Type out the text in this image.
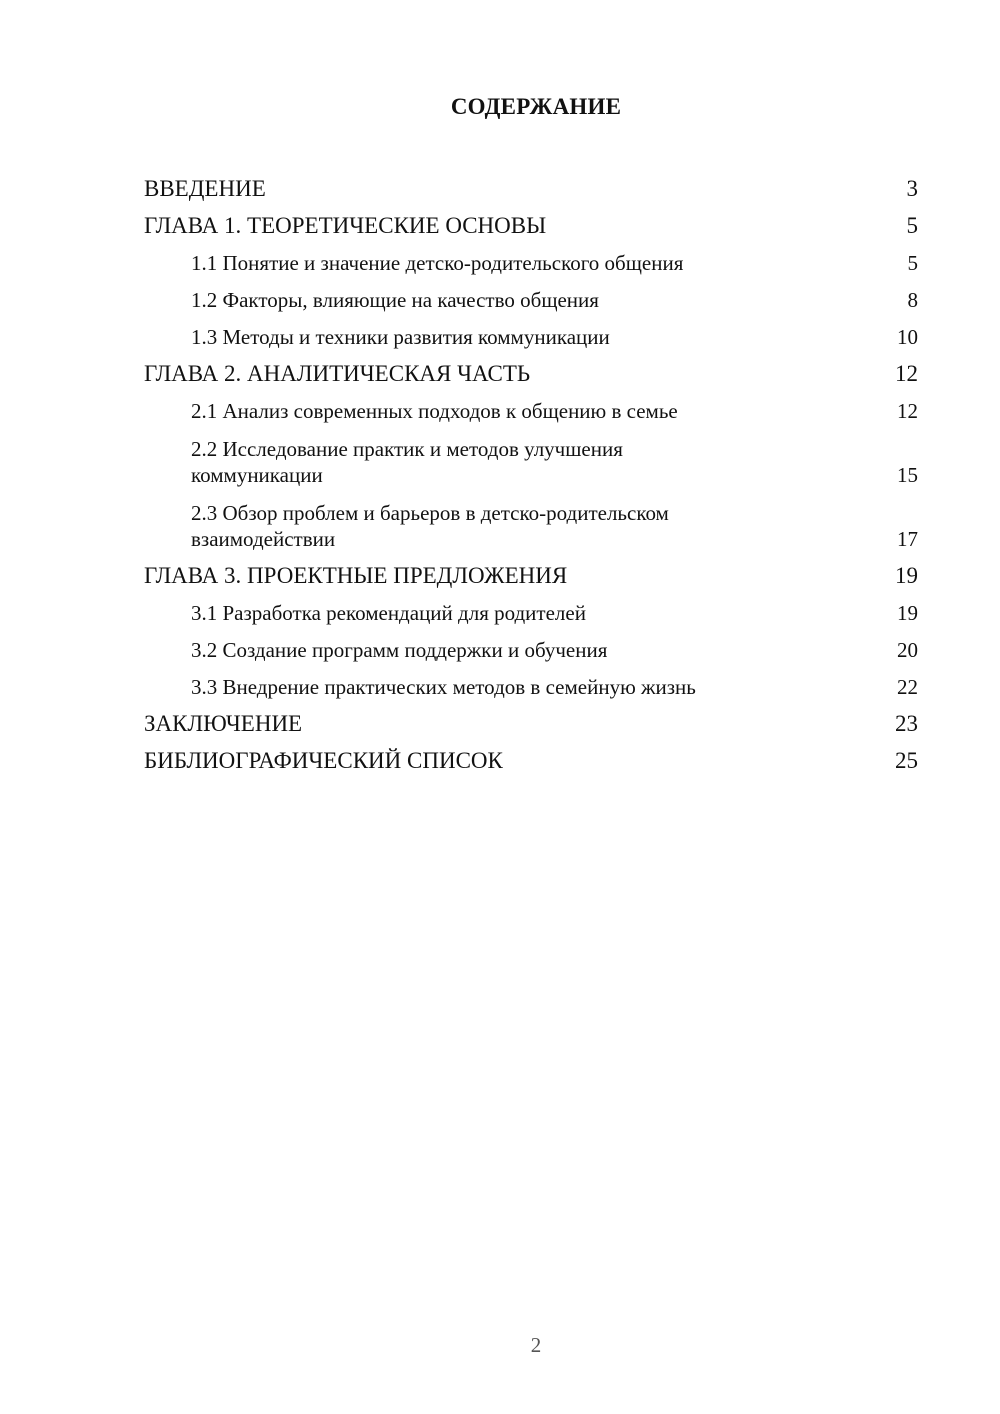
СОДЕРЖАНИЕ
ВВЕДЕНИЕ	3
ГЛАВА 1. ТЕОРЕТИЧЕСКИЕ ОСНОВЫ	5
1.1 Понятие и значение детско-родительского общения	5
1.2 Факторы, влияющие на качество общения	8
1.3 Методы и техники развития коммуникации	10
ГЛАВА 2. АНАЛИТИЧЕСКАЯ ЧАСТЬ	12
2.1 Анализ современных подходов к общению в семье	12
2.2 Исследование практик и методов улучшения коммуникации	15
2.3 Обзор проблем и барьеров в детско-родительском взаимодействии	17
ГЛАВА 3. ПРОЕКТНЫЕ ПРЕДЛОЖЕНИЯ	19
3.1 Разработка рекомендаций для родителей	19
3.2 Создание программ поддержки и обучения	20
3.3 Внедрение практических методов в семейную жизнь	22
ЗАКЛЮЧЕНИЕ	23
БИБЛИОГРАФИЧЕСКИЙ СПИСОК	25
2
